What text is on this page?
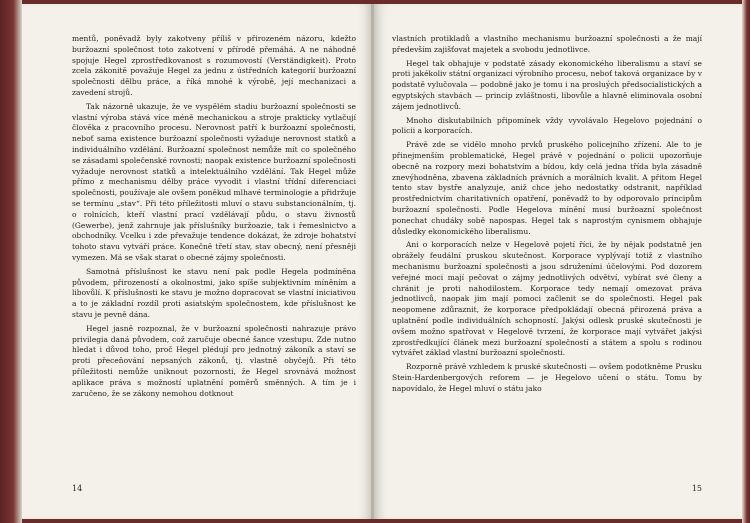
mentů, poněvadž byly zakotveny příliš v přirozeném názoru, kdežto buržoazní společnost toto zakotvení v přírodě přemáhá. A ne náhodně spojuje Hegel zprostředkovanost s rozumovostí (Verständigkeit). Proto zcela zákonitě považuje Hegel za jednu z ústředních kategorií buržoazní společnosti dělbu práce, a říká mnohé k výrobě, její mechanizaci a zavedení strojů.

Tak názorně ukazuje, že ve vyspělém stadiu buržoazní společnosti se vlastní výroba stává více méně mechanickou a stroje prakticky vytlačují člověka z pracovního procesu. Nerovnost patří k buržoazní společnosti, neboť sama existence buržoazní společnosti vyžaduje nerovnost statků a individuálního vzdělání. Buržoazní společnost nemůže mít co společného se zásadami společenské rovnosti; naopak existence buržoazní společnosti vyžaduje nerovnost statků a intelektuálního vzdělání. Tak Hegel může přímo z mechanismu dělby práce vyvodit i vlastní třídní diferenciaci společnosti, používaje ale ovšem poněkud mlhavé terminologie a přidržuje se termínu „stav“. Při této příležitosti mluví o stavu substancionálním, tj. o rolnících, kteří vlastní prací vzdělávají půdu, o stavu živnostů (Gewerbe), jenž zahrnuje jak příslušníky buržoazie, tak i řemeslnictvo a obchodníky. Vcelku i zde převažuje tendence dokázat, že zdroje bohatství tohoto stavu vytváří práce. Konečně třetí stav, stav obecný, není přesněji vymezen. Má se však starat o obecné zájmy společnosti.

Samotná příslušnost ke stavu není pak podle Hegela podmíněna původem, přirozeností a okolnostmi, jako spíše subjektivním míněním a libovůlí. K příslušnosti ke stavu je možno dopracovat se vlastní iniciativou a to je základní rozdíl proti asiatským společnostem, kde příslušnost ke stavu je pevně dána.

Hegel jasně rozpoznal, že v buržoazní společnosti nahrazuje právo privilegia daná původem, což zaručuje obecné šance vzestupu. Zde nutno hledat i důvod toho, proč Hegel plédují pro jednotný zákoník a staví se proti přeceňování nepsaných zákonů, tj. vlastně obyčejů. Při této příležitosti nemůže uniknout pozornosti, že Hegel srovnává možnost aplikace práva s možností uplatnění poměrů směnných. A tím je i zaručeno, že se zákony nemohou dotknout

14

vlastních protikladů a vlastního mechanismu buržoazní společnosti a že mají především zajišťovat majetek a svobodu jednotlivce.

Hegel tak obhajuje v podstatě zásady ekonomického liberalismu a staví se proti jakékoliv státní organizaci výrobního procesu, neboť taková organizace by v podstatě vylučovala — podobně jako je tomu i na prosluých předsocialistických a egyptských stavbách — princip zvláštnosti, libovůle a hlavně eliminovala osobní zájem jednotlivců.

Mnoho diskutabilních připomínek vždy vyvolávalo Hegelovo pojednání o policii a korporacích.

Právě zde se vidělo mnoho prvků pruského policejního zřízení. Ale to je přinejmenším problematické, Hegel právě v pojednání o policii upozorňuje obecně na rozpory mezi bohatstvím a bídou, kdy celá jedna třída byla zásadně znevýhodněna, zbavena základních právních a morálních kvalit. A přitom Hegel tento stav bystře analyzuje, aniž chce jeho nedostatky odstranit, například prostřednictvím charitativních opatření, poněvadž to by odporovalo principům buržoazní společnosti. Podle Hegelova mínění musí buržoazní společnost ponechat chudáky sobě napospas. Hegel tak s naprostým cynismem obhajuje důsledky ekonomického liberalismu.

Ani o korporacích nelze v Hegelově pojetí říci, že by nějak podstatně jen obrážely feudální pruskou skutečnost. Korporace vyplývají totiž z vlastního mechanismu buržoazní společnosti a jsou sdruženími účelovými. Pod dozorem veřejné moci mají pečovat o zájmy jednotlivých odvětví, vybírat své členy a chránit je proti nahodilostem. Korporace tedy nemají omezovat práva jednotlivců, naopak jim mají pomoci začlenit se do společnosti. Hegel pak neopomene zdůraznit, že korporace předpokládají obecná přirozená práva a uplatnění podle individuálních schopností. Jakýsi odlesk pruské skutečnosti je ovšem možno spatřovat v Hegelově tvrzení, že korporace mají vytvářet jakýsi zprostředkující článek mezi buržoazní společností a státem a spolu s rodinou vytvářet základ vlastní buržoazní společnosti.

Rozporně právě vzhledem k pruské skutečnosti — ovšem podotkněme Prusku Stein-Hardenbergových reforem — je Hegelovo učení o státu. Tomu by napovídalo, že Hegel mluví o státu jako

15
